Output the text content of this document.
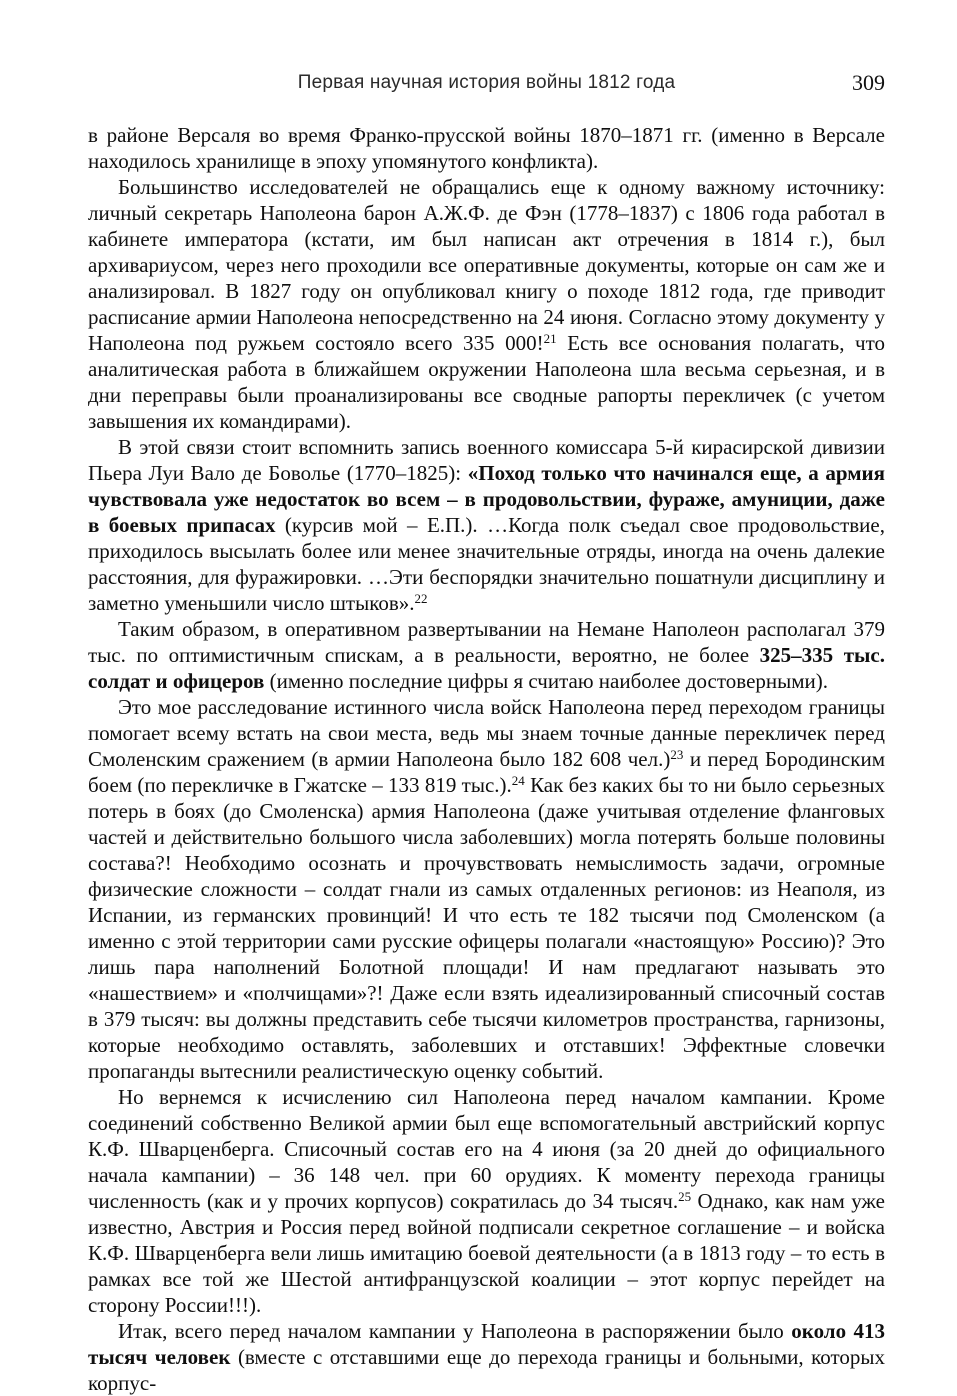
Первая научная история войны 1812 года	309

в районе Версаля во время Франко-прусской войны 1870–1871 гг. (именно в Версале находилось хранилище в эпоху упомянутого конфликта).

Большинство исследователей не обращались еще к одному важному источнику: личный секретарь Наполеона барон А.Ж.Ф. де Фэн (1778–1837) с 1806 года работал в кабинете императора (кстати, им был написан акт отречения в 1814 г.), был архивариусом, через него проходили все оперативные документы, которые он сам же и анализировал. В 1827 году он опубликовал книгу о походе 1812 года, где приводит расписание армии Наполеона непосредственно на 24 июня. Согласно этому документу у Наполеона под ружьем состояло всего 335 000!$^{21}$ Есть все основания полагать, что аналитическая работа в ближайшем окружении Наполеона шла весьма серьезная, и в дни переправы были проанализированы все сводные рапорты перекличек (с учетом завышения их командирами).

В этой связи стоит вспомнить запись военного комиссара 5-й кирасирской дивизии Пьера Луи Вало де Боволье (1770–1825): «Поход только что начинался еще, а армия чувствовала уже недостаток во всем – в продовольствии, фураже, амуниции, даже в боевых припасах (курсив мой – Е.П.). …Когда полк съедал свое продовольствие, приходилось высылать более или менее значительные отряды, иногда на очень далекие расстояния, для фуражировки. …Эти беспорядки значительно пошатнули дисциплину и заметно уменьшили число штыков».$^{22}$

Таким образом, в оперативном развертывании на Немане Наполеон располагал 379 тыс. по оптимистичным спискам, а в реальности, вероятно, не более 325–335 тыс. солдат и офицеров (именно последние цифры я считаю наиболее достоверными).

Это мое расследование истинного числа войск Наполеона перед переходом границы помогает всему встать на свои места, ведь мы знаем точные данные перекличек перед Смоленским сражением (в армии Наполеона было 182 608 чел.)$^{23}$ и перед Бородинским боем (по перекличке в Гжатске – 133 819 тыс.).$^{24}$ Как без каких бы то ни было серьезных потерь в боях (до Смоленска) армия Наполеона (даже учитывая отделение фланговых частей и действительно большого числа заболевших) могла потерять больше половины состава?! Необходимо осознать и прочувствовать немыслимость задачи, огромные физические сложности – солдат гнали из самых отдаленных регионов: из Неаполя, из Испании, из германских провинций! И что есть те 182 тысячи под Смоленском (а именно с этой территории сами русские офицеры полагали «настоящую» Россию)? Это лишь пара наполнений Болотной площади! И нам предлагают называть это «нашествием» и «полчищами»?! Даже если взять идеализированный списочный состав в 379 тысяч: вы должны представить себе тысячи километров пространства, гарнизоны, которые необходимо оставлять, заболевших и отставших! Эффектные словечки пропаганды вытеснили реалистическую оценку событий.

Но вернемся к исчислению сил Наполеона перед началом кампании. Кроме соединений собственно Великой армии был еще вспомогательный австрийский корпус К.Ф. Шварценберга. Списочный состав его на 4 июня (за 20 дней до официального начала кампании) – 36 148 чел. при 60 орудиях. К моменту перехода границы численность (как и у прочих корпусов) сократилась до 34 тысяч.$^{25}$ Однако, как нам уже известно, Австрия и Россия перед войной подписали секретное соглашение – и войска К.Ф. Шварценберга вели лишь имитацию боевой деятельности (а в 1813 году – то есть в рамках все той же Шестой антифранцузской коалиции – этот корпус перейдет на сторону России!!!).

Итак, всего перед началом кампании у Наполеона в распоряжении было около 413 тысяч человек (вместе с отставшими еще до перехода границы и больными, которых корпус-
